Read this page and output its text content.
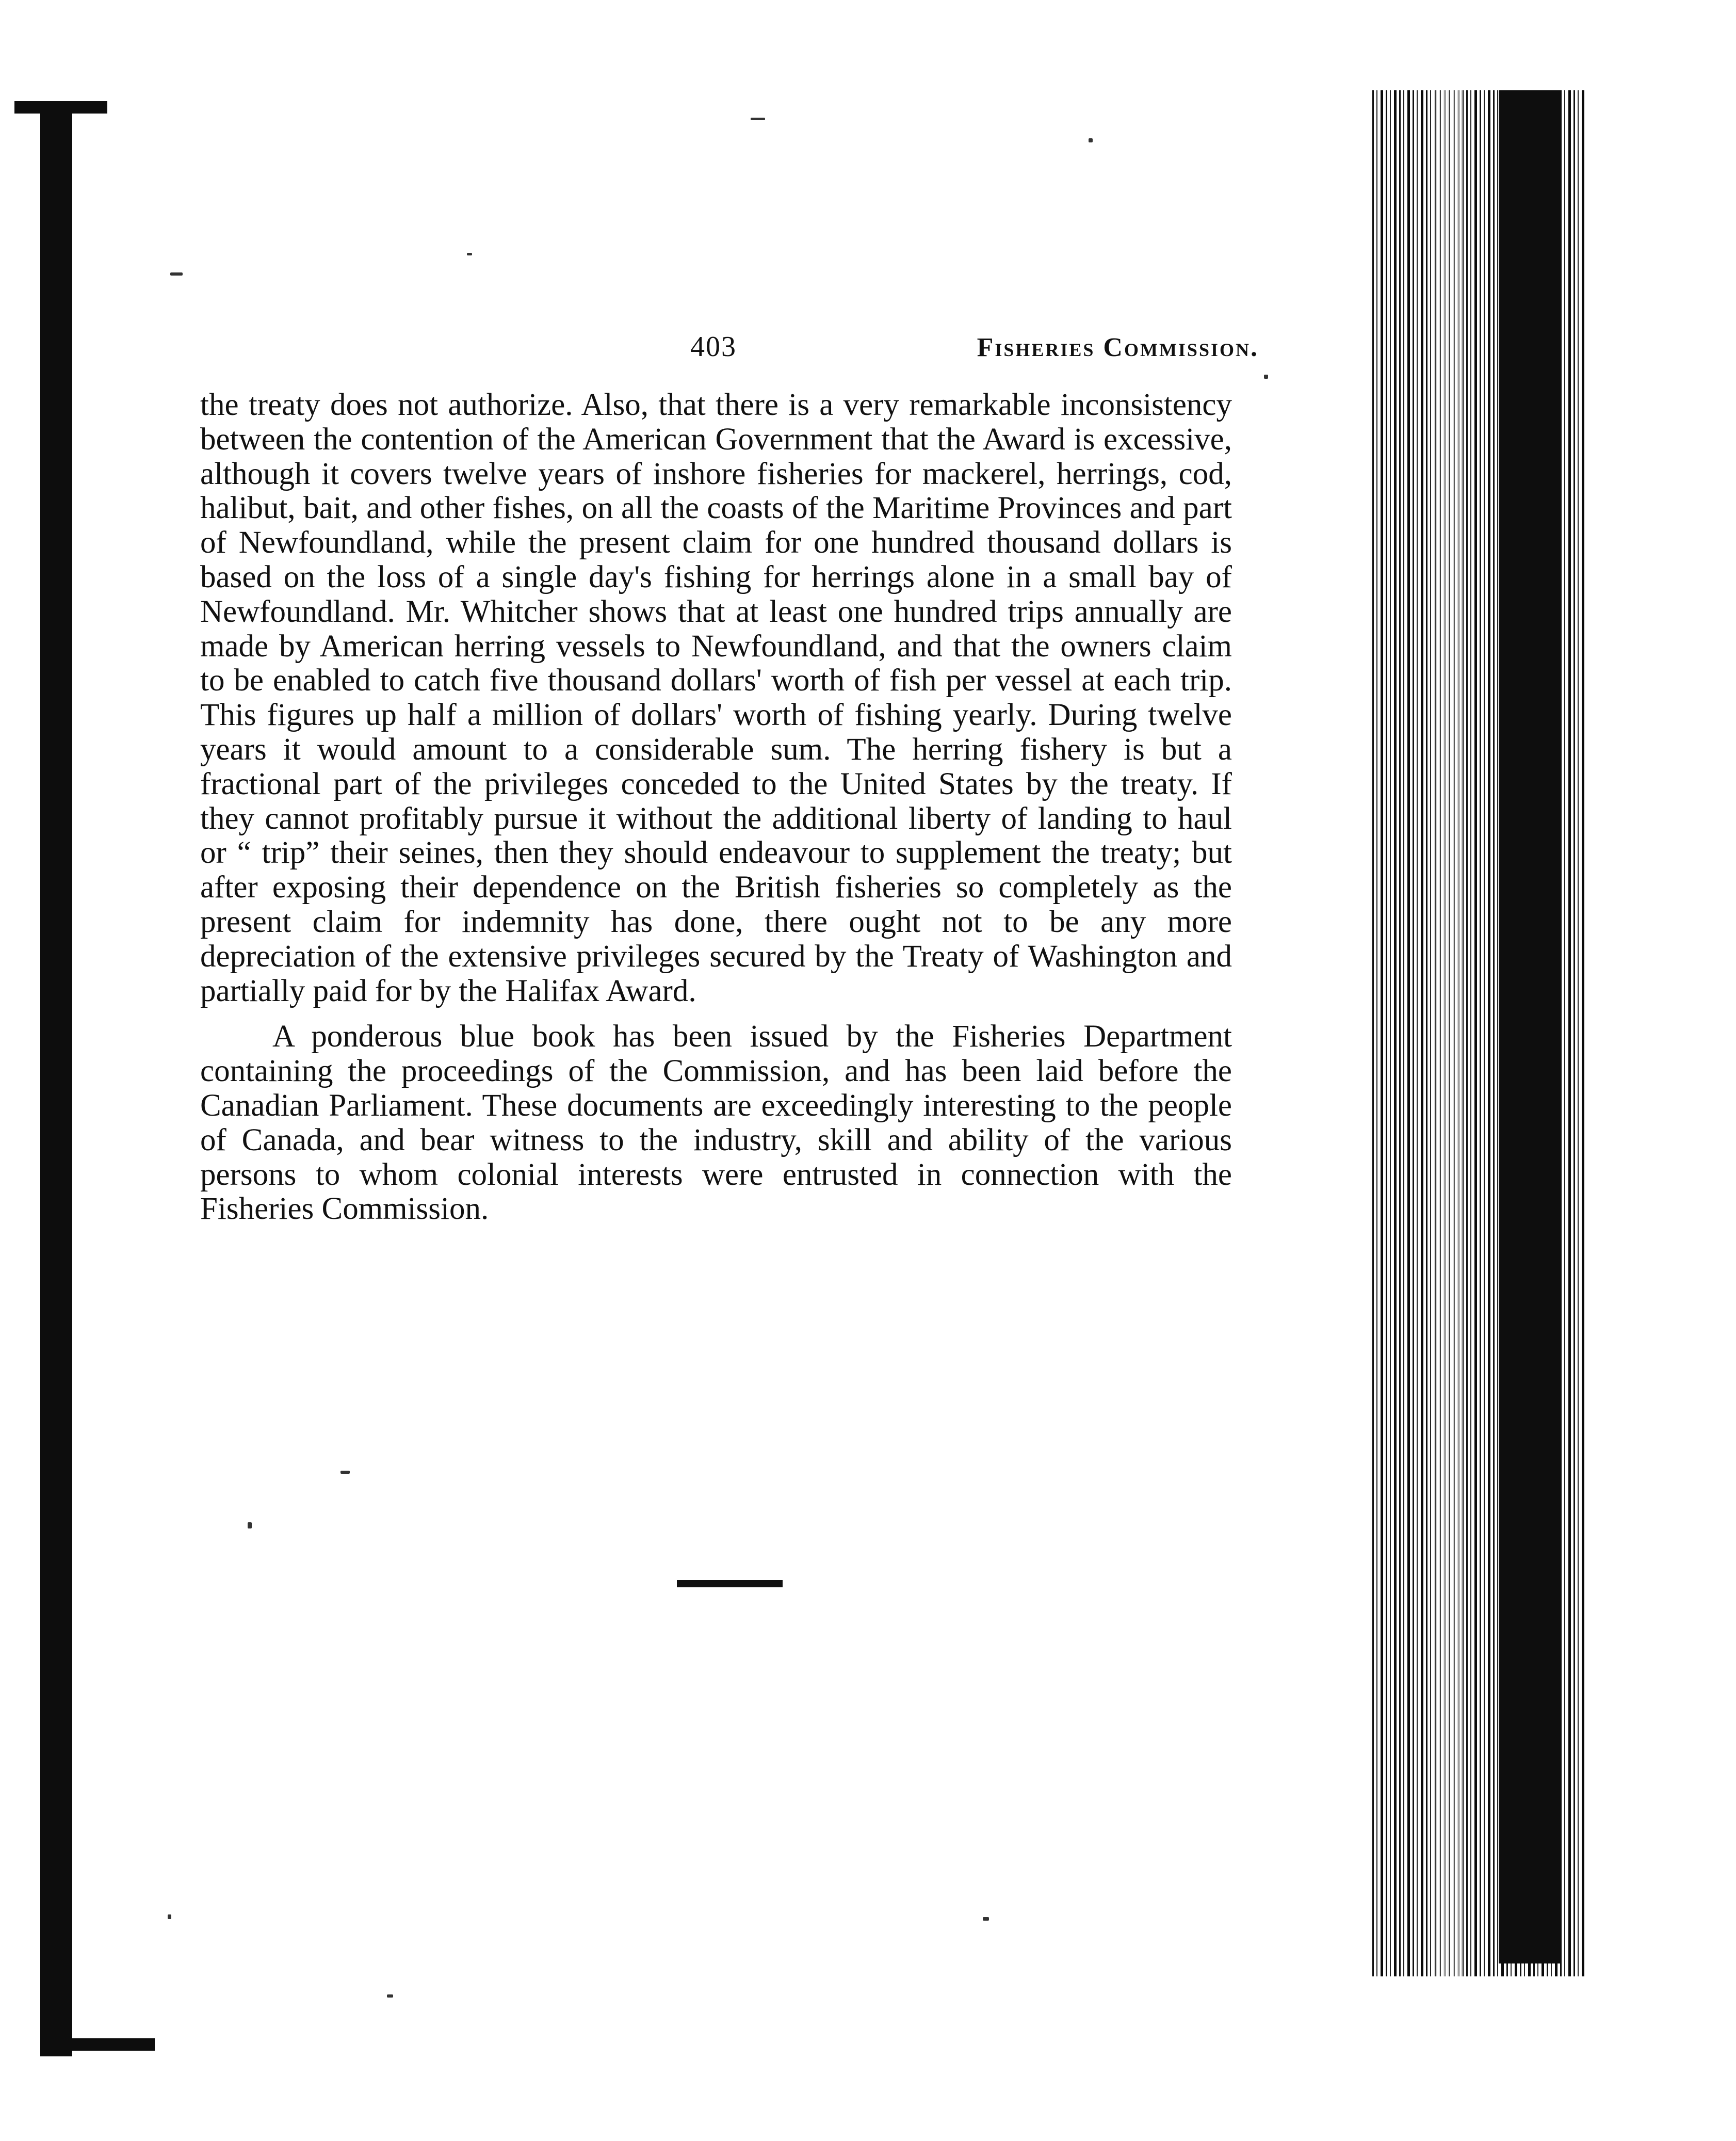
403	Fisheries Commission.

the treaty does not authorize. Also, that there is a very remarkable inconsistency between the contention of the American Government that the Award is excessive, although it covers twelve years of inshore fisheries for mackerel, herrings, cod, halibut, bait, and other fishes, on all the coasts of the Maritime Provinces and part of Newfoundland, while the present claim for one hundred thousand dollars is based on the loss of a single day's fishing for herrings alone in a small bay of Newfoundland. Mr. Whitcher shows that at least one hundred trips annually are made by American herring vessels to Newfoundland, and that the owners claim to be enabled to catch five thousand dollars' worth of fish per vessel at each trip. This figures up half a million of dollars' worth of fishing yearly. During twelve years it would amount to a considerable sum. The herring fishery is but a fractional part of the privileges conceded to the United States by the treaty. If they cannot profitably pursue it without the additional liberty of landing to haul or “ trip” their seines, then they should endeavour to supplement the treaty; but after exposing their dependence on the British fisheries so completely as the present claim for indemnity has done, there ought not to be any more depreciation of the extensive privileges secured by the Treaty of Washington and partially paid for by the Halifax Award.

A ponderous blue book has been issued by the Fisheries Department containing the proceedings of the Commission, and has been laid before the Canadian Parliament. These documents are exceedingly interesting to the people of Canada, and bear witness to the industry, skill and ability of the various persons to whom colonial interests were entrusted in connection with the Fisheries Commission.
